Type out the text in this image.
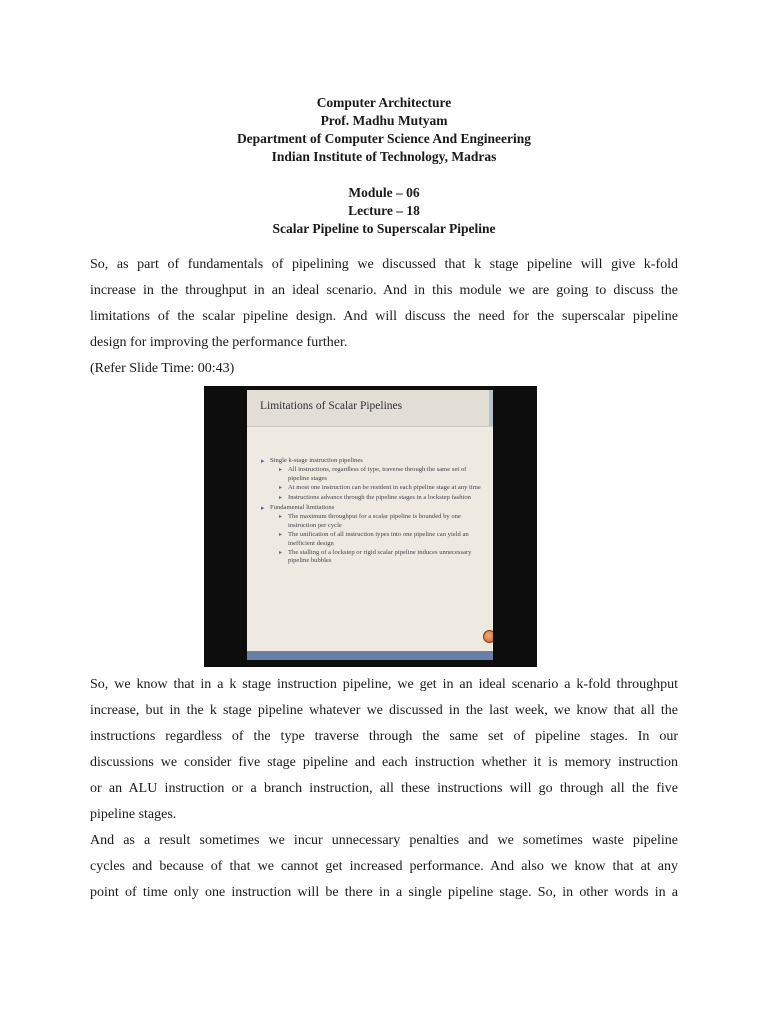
Computer Architecture
Prof. Madhu Mutyam
Department of Computer Science And Engineering
Indian Institute of Technology, Madras
Module – 06
Lecture – 18
Scalar Pipeline to Superscalar Pipeline
So, as part of fundamentals of pipelining we discussed that k stage pipeline will give k-fold
increase in the throughput in an ideal scenario. And in this module we are going to discuss the
limitations of the scalar pipeline design. And will discuss the need for the superscalar pipeline
design for improving the performance further.
(Refer Slide Time: 00:43)
Limitations of Scalar Pipelines
▸ Single k-stage instruction pipelines
▸ All instructions, regardless of type, traverse through the same set of pipeline stages
▸ At most one instruction can be resident in each pipeline stage at any time
▸ Instructions advance through the pipeline stages in a lockstep fashion
▸ Fundamental limitations
▸ The maximum throughput for a scalar pipeline is bounded by one instruction per cycle
▸ The unification of all instruction types into one pipeline can yield an inefficient design
▸ The stalling of a lockstep or rigid scalar pipeline induces unnecessary pipeline bubbles
So, we know that in a k stage instruction pipeline, we get in an ideal scenario a k-fold throughput
increase, but in the k stage pipeline whatever we discussed in the last week, we know that all the
instructions regardless of the type traverse through the same set of pipeline stages. In our
discussions we consider five stage pipeline and each instruction whether it is memory instruction
or an ALU instruction or a branch instruction, all these instructions will go through all the five
pipeline stages.
And as a result sometimes we incur unnecessary penalties and we sometimes waste pipeline
cycles and because of that we cannot get increased performance. And also we know that at any
point of time only one instruction will be there in a single pipeline stage. So, in other words in a
